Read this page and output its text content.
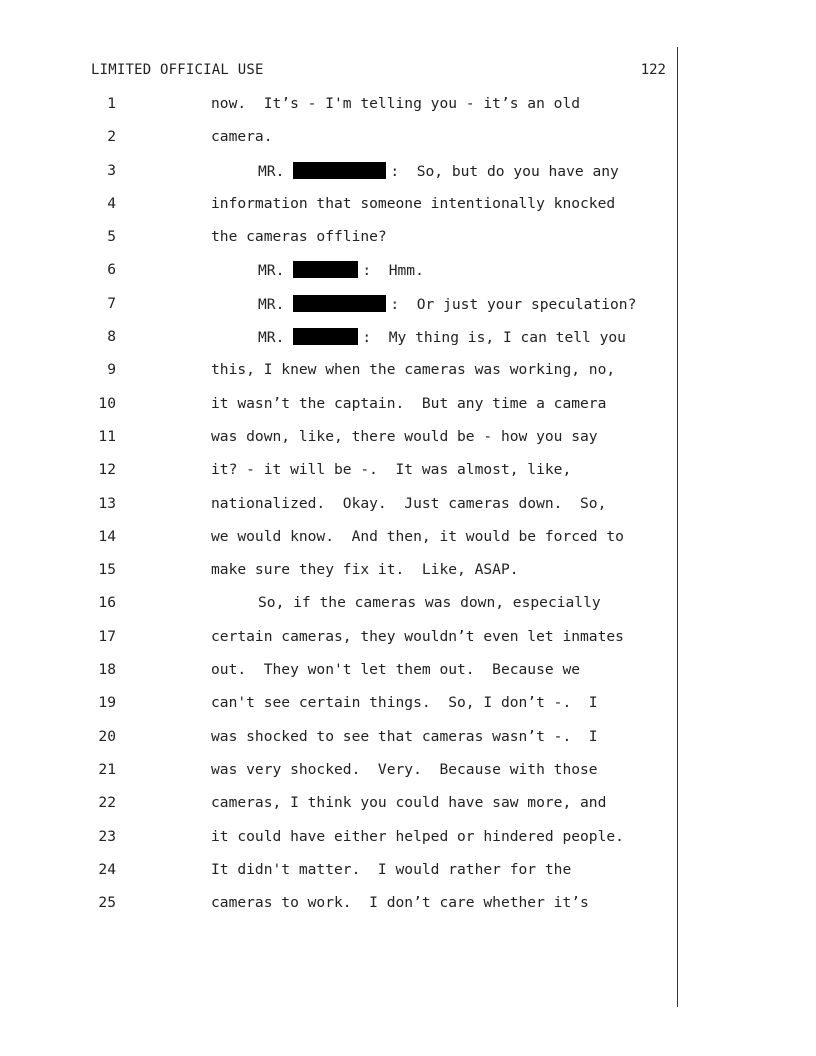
LIMITED OFFICIAL USE	122

1

	now.  It’s - I'm telling you - it’s an old

2

	camera.

3

	MR.	:  So, but do you have any

4

	information that someone intentionally knocked

5

	the cameras offline?

6

	MR.	:  Hmm.

7

	MR.	:  Or just your speculation?

8

	MR.	:  My thing is, I can tell you

9

	this, I knew when the cameras was working, no,

10

	it wasn’t the captain.  But any time a camera

11

	was down, like, there would be - how you say

12

	it? - it will be -.  It was almost, like,

13

	nationalized.  Okay.  Just cameras down.  So,

14

	we would know.  And then, it would be forced to

15

	make sure they fix it.  Like, ASAP.

16

	So, if the cameras was down, especially

17

	certain cameras, they wouldn’t even let inmates

18

	out.  They won't let them out.  Because we

19

	can't see certain things.  So, I don’t -.  I

20

	was shocked to see that cameras wasn’t -.  I

21

	was very shocked.  Very.  Because with those

22

	cameras, I think you could have saw more, and

23

	it could have either helped or hindered people.

24

	It didn't matter.  I would rather for the

25

	cameras to work.  I don’t care whether it’s
